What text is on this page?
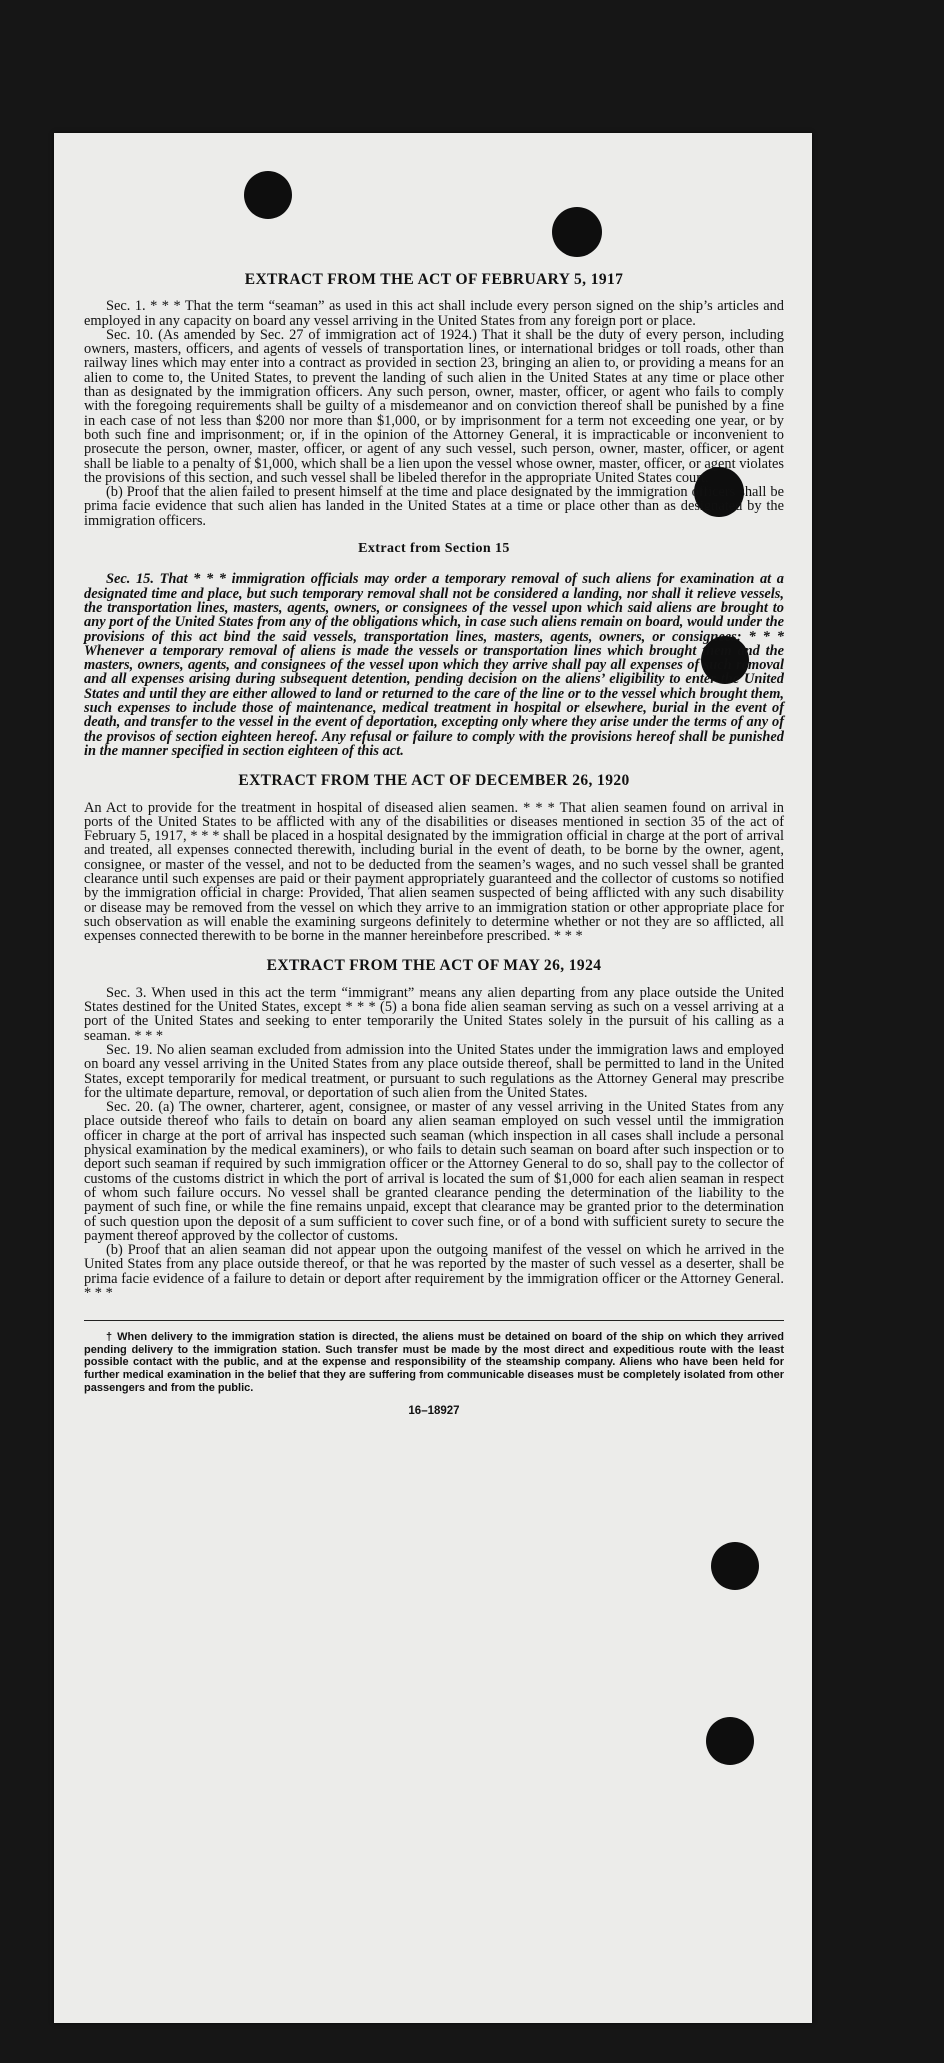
EXTRACT FROM THE ACT OF FEBRUARY 5, 1917

Sec. 1. * * * That the term “seaman” as used in this act shall include every person signed on the ship’s articles and employed in any capacity on board any vessel arriving in the United States from any foreign port or place.

Sec. 10. (As amended by Sec. 27 of immigration act of 1924.) That it shall be the duty of every person, including owners, masters, officers, and agents of vessels of transportation lines, or international bridges or toll roads, other than railway lines which may enter into a contract as provided in section 23, bringing an alien to, or providing a means for an alien to come to, the United States, to prevent the landing of such alien in the United States at any time or place other than as designated by the immigration officers. Any such person, owner, master, officer, or agent who fails to comply with the foregoing requirements shall be guilty of a misdemeanor and on conviction thereof shall be punished by a fine in each case of not less than $200 nor more than $1,000, or by imprisonment for a term not exceeding one year, or by both such fine and imprisonment; or, if in the opinion of the Attorney General, it is impracticable or inconvenient to prosecute the person, owner, master, officer, or agent of any such vessel, such person, owner, master, officer, or agent shall be liable to a penalty of $1,000, which shall be a lien upon the vessel whose owner, master, officer, or agent violates the provisions of this section, and such vessel shall be libeled therefor in the appropriate United States court.

(b) Proof that the alien failed to present himself at the time and place designated by the immigration officers shall be prima facie evidence that such alien has landed in the United States at a time or place other than as designated by the immigration officers.

Extract from Section 15

Sec. 15. That * * * immigration officials may order a temporary removal of such aliens for examination at a designated time and place, but such temporary removal shall not be considered a landing, nor shall it relieve vessels, the transportation lines, masters, agents, owners, or consignees of the vessel upon which said aliens are brought to any port of the United States from any of the obligations which, in case such aliens remain on board, would under the provisions of this act bind the said vessels, transportation lines, masters, agents, owners, or consignees: * * * Whenever a temporary removal of aliens is made the vessels or transportation lines which brought them and the masters, owners, agents, and consignees of the vessel upon which they arrive shall pay all expenses of such removal and all expenses arising during subsequent detention, pending decision on the aliens’ eligibility to enter the United States and until they are either allowed to land or returned to the care of the line or to the vessel which brought them, such expenses to include those of maintenance, medical treatment in hospital or elsewhere, burial in the event of death, and transfer to the vessel in the event of deportation, excepting only where they arise under the terms of any of the provisos of section eighteen hereof. Any refusal or failure to comply with the provisions hereof shall be punished in the manner specified in section eighteen of this act.

EXTRACT FROM THE ACT OF DECEMBER 26, 1920

An Act to provide for the treatment in hospital of diseased alien seamen. * * * That alien seamen found on arrival in ports of the United States to be afflicted with any of the disabilities or diseases mentioned in section 35 of the act of February 5, 1917, * * * shall be placed in a hospital designated by the immigration official in charge at the port of arrival and treated, all expenses connected therewith, including burial in the event of death, to be borne by the owner, agent, consignee, or master of the vessel, and not to be deducted from the seamen’s wages, and no such vessel shall be granted clearance until such expenses are paid or their payment appropriately guaranteed and the collector of customs so notified by the immigration official in charge: Provided, That alien seamen suspected of being afflicted with any such disability or disease may be removed from the vessel on which they arrive to an immigration station or other appropriate place for such observation as will enable the examining surgeons definitely to determine whether or not they are so afflicted, all expenses connected therewith to be borne in the manner hereinbefore prescribed. * * *

EXTRACT FROM THE ACT OF MAY 26, 1924

Sec. 3. When used in this act the term “immigrant” means any alien departing from any place outside the United States destined for the United States, except * * * (5) a bona fide alien seaman serving as such on a vessel arriving at a port of the United States and seeking to enter temporarily the United States solely in the pursuit of his calling as a seaman. * * *

Sec. 19. No alien seaman excluded from admission into the United States under the immigration laws and employed on board any vessel arriving in the United States from any place outside thereof, shall be permitted to land in the United States, except temporarily for medical treatment, or pursuant to such regulations as the Attorney General may prescribe for the ultimate departure, removal, or deportation of such alien from the United States.

Sec. 20. (a) The owner, charterer, agent, consignee, or master of any vessel arriving in the United States from any place outside thereof who fails to detain on board any alien seaman employed on such vessel until the immigration officer in charge at the port of arrival has inspected such seaman (which inspection in all cases shall include a personal physical examination by the medical examiners), or who fails to detain such seaman on board after such inspection or to deport such seaman if required by such immigration officer or the Attorney General to do so, shall pay to the collector of customs of the customs district in which the port of arrival is located the sum of $1,000 for each alien seaman in respect of whom such failure occurs. No vessel shall be granted clearance pending the determination of the liability to the payment of such fine, or while the fine remains unpaid, except that clearance may be granted prior to the determination of such question upon the deposit of a sum sufficient to cover such fine, or of a bond with sufficient surety to secure the payment thereof approved by the collector of customs.

(b) Proof that an alien seaman did not appear upon the outgoing manifest of the vessel on which he arrived in the United States from any place outside thereof, or that he was reported by the master of such vessel as a deserter, shall be prima facie evidence of a failure to detain or deport after requirement by the immigration officer or the Attorney General. * * *

† When delivery to the immigration station is directed, the aliens must be detained on board of the ship on which they arrived pending delivery to the immigration station. Such transfer must be made by the most direct and expeditious route with the least possible contact with the public, and at the expense and responsibility of the steamship company. Aliens who have been held for further medical examination in the belief that they are suffering from communicable diseases must be completely isolated from other passengers and from the public.
16–18927
